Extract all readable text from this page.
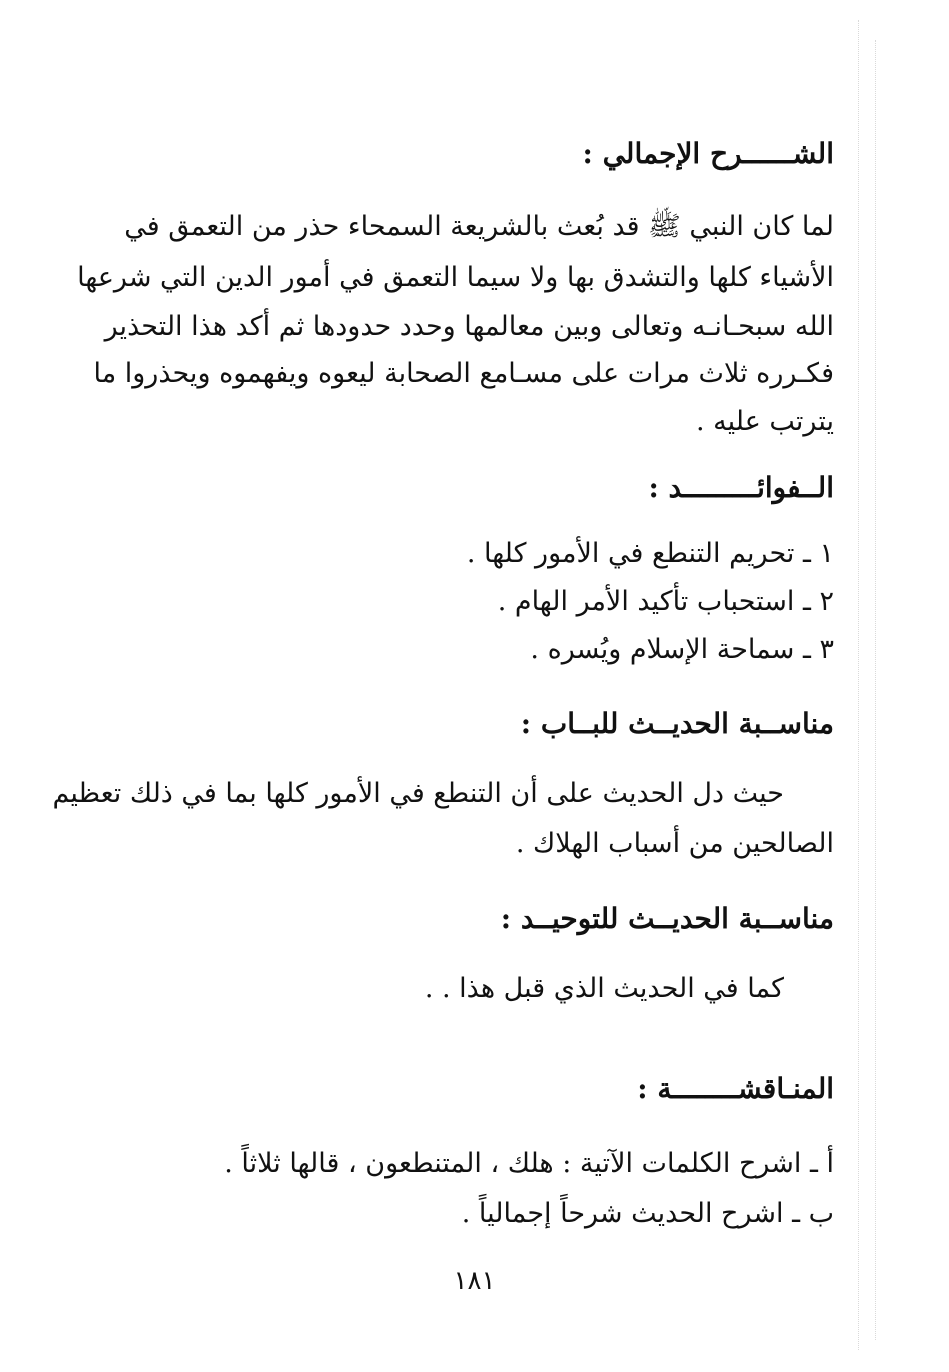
الشــــــرح الإجمالي :
لما كان النبي ﷺ قد بُعث بالشريعة السمحاء حذر من التعمق في
الأشياء كلها والتشدق بها ولا سيما التعمق في أمور الدين التي شرعها
الله سبحـانـه وتعالى وبين معالمها وحدد حدودها ثم أكد هذا التحذير
فكـرره ثلاث مرات على مسـامع الصحابة ليعوه ويفهموه ويحذروا ما
يترتب عليه .
الــفوائـــــــــد :
١ ـ تحريم التنطع في الأمور كلها .
٢ ـ استحباب تأكيد الأمر الهام .
٣ ـ سماحة الإسلام ويُسره .
مناســبة الحديــث للبــاب :
حيث دل الحديث على أن التنطع في الأمور كلها بما في ذلك تعظيم
الصالحين من أسباب الهلاك .
مناســبة الحديــث للتوحيــد :
كما في الحديث الذي قبل هذا . .
المنـاقشــــــــة :
أ ـ اشرح الكلمات الآتية : هلك ، المتنطعون ، قالها ثلاثاً .
ب ـ اشرح الحديث شرحاً إجمالياً .
١٨١
